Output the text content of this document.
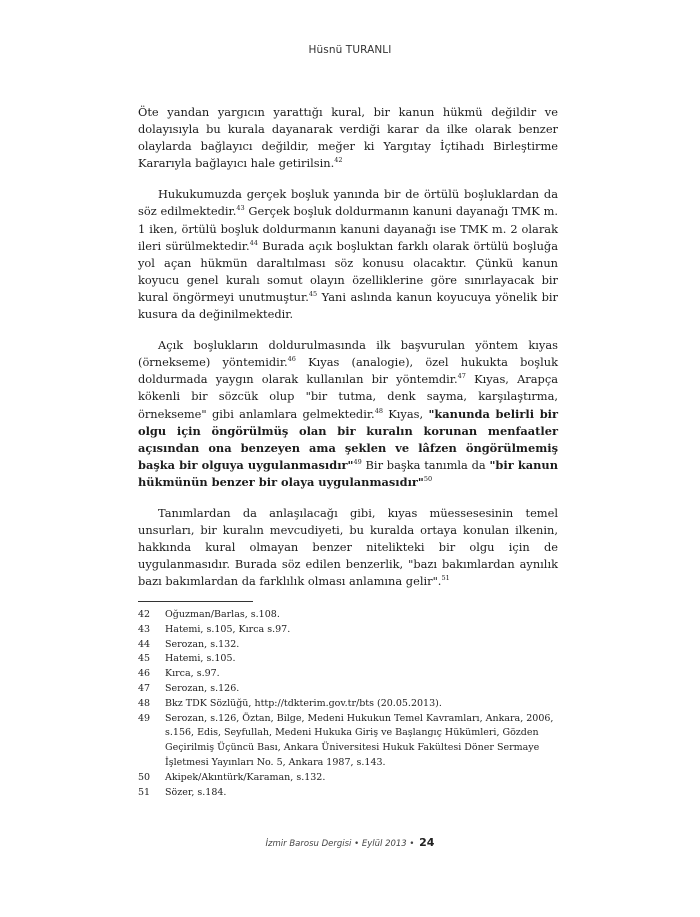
Hüsnü TURANLI

Öte yandan yargıcın yarattığı kural, bir kanun hükmü değildir ve dolayısıyla bu kurala dayanarak verdiği karar da ilke olarak benzer olaylarda bağlayıcı değildir, meğer ki Yargıtay İçtihadı Birleştirme Kararıyla bağlayıcı hale getirilsin.$^{42}$

Hukukumuzda gerçek boşluk yanında bir de örtülü boşluklardan da söz edilmektedir.$^{43}$ Gerçek boşluk doldurmanın kanuni dayanağı TMK m. 1 iken, örtülü boşluk doldurmanın kanuni dayanağı ise TMK m. 2 olarak ileri sürülmektedir.$^{44}$ Burada açık boşluktan farklı olarak örtülü boşluğa yol açan hükmün daraltılması söz konusu olacaktır. Çünkü kanun koyucu genel kuralı somut olayın özelliklerine göre sınırlayacak bir kural öngörmeyi unutmuştur.$^{45}$ Yani aslında kanun koyucuya yönelik bir kusura da değinilmektedir.

Açık boşlukların doldurulmasında ilk başvurulan yöntem kıyas (örnekseme) yöntemidir.$^{46}$ Kıyas (analogie), özel hukukta boşluk doldurmada yaygın olarak kullanılan bir yöntemdir.$^{47}$ Kıyas, Arapça kökenli bir sözcük olup "bir tutma, denk sayma, karşılaştırma, örnekseme" gibi anlamlara gelmektedir.$^{48}$ Kıyas, "kanunda belirli bir olgu için öngörülmüş olan bir kuralın korunan menfaatler açısından ona benzeyen ama şeklen ve lâfzen öngörülmemiş başka bir olguya uygulanmasıdır"$^{49}$ Bir başka tanımla da "bir kanun hükmünün benzer bir olaya uygulanmasıdır"$^{50}$

Tanımlardan da anlaşılacağı gibi, kıyas müessesesinin temel unsurları, bir kuralın mevcudiyeti, bu kuralda ortaya konulan ilkenin, hakkında kural olmayan benzer nitelikteki bir olgu için de uygulanmasıdır. Burada söz edilen benzerlik, "bazı bakımlardan aynılık bazı bakımlardan da farklılık olması anlamına gelir".$^{51}$

42	Oğuzman/Barlas, s.108.
43	Hatemi, s.105, Kırca s.97.
44	Serozan, s.132.
45	Hatemi, s.105.
46	Kırca, s.97.
47	Serozan, s.126.
48	Bkz TDK Sözlüğü, http://tdkterim.gov.tr/bts (20.05.2013).
49	Serozan, s.126, Öztan, Bilge, Medeni Hukukun Temel Kavramları, Ankara, 2006, s.156, Edis, Seyfullah, Medeni Hukuka Giriş ve Başlangıç Hükümleri, Gözden Geçirilmiş Üçüncü Bası, Ankara Üniversitesi Hukuk Fakültesi Döner Sermaye İşletmesi Yayınları No. 5, Ankara 1987, s.143.
50	Akipek/Akıntürk/Karaman, s.132.
51	Sözer, s.184.
İzmir Barosu Dergisi • Eylül 2013 • 24
